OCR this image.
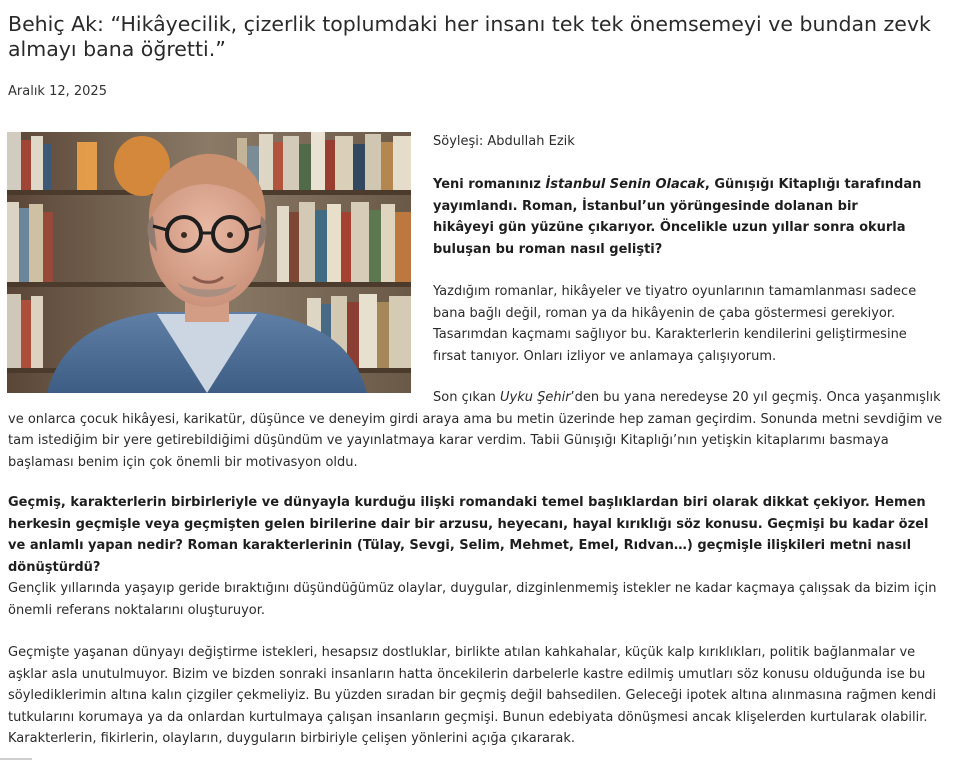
Behiç Ak: “Hikâyecilik, çizerlik toplumdaki her insanı tek tek önemsemeyi ve bundan zevk almayı bana öğretti.”

Aralık 12, 2025

Söyleşi: Abdullah Ezik

Yeni romanınız İstanbul Senin Olacak, Günışığı Kitaplığı tarafından yayımlandı. Roman, İstanbul’un yörüngesinde dolanan bir hikâyeyi gün yüzüne çıkarıyor. Öncelikle uzun yıllar sonra okurla buluşan bu roman nasıl gelişti?

Yazdığım romanlar, hikâyeler ve tiyatro oyunlarının tamamlanması sadece bana bağlı değil, roman ya da hikâyenin de çaba göstermesi gerekiyor. Tasarımdan kaçmamı sağlıyor bu. Karakterlerin kendilerini geliştirmesine fırsat tanıyor. Onları izliyor ve anlamaya çalışıyorum.

Son çıkan Uyku Şehir’den bu yana neredeyse 20 yıl geçmiş. Onca yaşanmışlık ve onlarca çocuk hikâyesi, karikatür, düşünce ve deneyim girdi araya ama bu metin üzerinde hep zaman geçirdim. Sonunda metni sevdiğim ve tam istediğim bir yere getirebildiğimi düşündüm ve yayınlatmaya karar verdim. Tabii Günışığı Kitaplığı’nın yetişkin kitaplarımı basmaya başlaması benim için çok önemli bir motivasyon oldu.

Geçmiş, karakterlerin birbirleriyle ve dünyayla kurduğu ilişki romandaki temel başlıklardan biri olarak dikkat çekiyor. Hemen herkesin geçmişle veya geçmişten gelen birilerine dair bir arzusu, heyecanı, hayal kırıklığı söz konusu. Geçmişi bu kadar özel ve anlamlı yapan nedir? Roman karakterlerinin (Tülay, Sevgi, Selim, Mehmet, Emel, Rıdvan…) geçmişle ilişkileri metni nasıl dönüştürdü?

Gençlik yıllarında yaşayıp geride bıraktığını düşündüğümüz olaylar, duygular, dizginlenmemiş istekler ne kadar kaçmaya çalışsak da bizim için önemli referans noktalarını oluşturuyor.

Geçmişte yaşanan dünyayı değiştirme istekleri, hesapsız dostluklar, birlikte atılan kahkahalar, küçük kalp kırıklıkları, politik bağlanmalar ve aşklar asla unutulmuyor. Bizim ve bizden sonraki insanların hatta öncekilerin darbelerle kastre edilmiş umutları söz konusu olduğunda ise bu söylediklerimin altına kalın çizgiler çekmeliyiz. Bu yüzden sıradan bir geçmiş değil bahsedilen. Geleceği ipotek altına alınmasına rağmen kendi tutkularını korumaya ya da onlardan kurtulmaya çalışan insanların geçmişi. Bunun edebiyata dönüşmesi ancak klişelerden kurtularak olabilir. Karakterlerin, fikirlerin, olayların, duyguların birbiriyle çelişen yönlerini açığa çıkararak.
